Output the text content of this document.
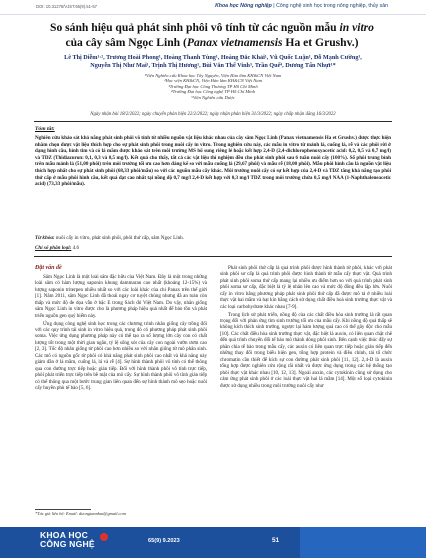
DOI: 10.31276/VJST.65(9).51-57	Khoa học Nông nghiệp | Công nghệ sinh học trong nông nghiệp, thủy sản
So sánh hiệu quả phát sinh phôi vô tính từ các nguồn mẫu in vitro
của cây sâm Ngọc Linh (Panax vietnamensis Ha et Grushv.)
Lê Thị Diễm¹·², Trương Hoài Phong¹, Hoàng Thanh Tùng¹, Hoàng Đắc Khải¹, Vũ Quốc Luận¹, Đỗ Mạnh Cường¹,
Nguyễn Thị Như Mai¹, Trịnh Thị Hương¹, Bùi Văn Thế Vinh³, Trần Quế⁴, Dương Tấn Nhựt¹*
¹Viện Nghiên cứu Khoa học Tây Nguyên, Viện Hàn lâm KH&CN Việt Nam
²Học viện KH&CN, Viện Hàn lâm KH&CN Việt Nam
³Trường Đại học Công Thương TP Hồ Chí Minh
⁴Trường Đại học Công nghệ TP Hồ Chí Minh
⁵Viện Nghiên cứu Dược
Ngày nhận bài 18/2/2022; ngày chuyển phản biện 22/2/2022; ngày nhận phản biện 31/3/2022; ngày chấp nhận đăng 16/3/2022
Tóm tắt:
Nghiên cứu khảo sát khả năng phát sinh phôi vô tính từ nhiều nguồn vật liệu khác nhau của cây sâm Ngọc Linh (Panax vietnamensis Ha et Grushv.) được thực hiện nhằm chọn được vật liệu thích hợp cho sự phát sinh phôi trong nuôi cấy in vitro. Trong nghiên cứu này, các mẫu in vitro từ mảnh lá, cuống lá, rễ và các phôi rời ở dạng hình cầu, hình tim và có lá mầm được khảo sát trên môi trường MS bổ sung riêng lẻ hoặc kết hợp 2,4-D (2,4-dichlorophenoxyacetic acid: 0,2, 0,5 và 0,7 mg/l) và TDZ (Thidiazuron: 0,1, 0,3 và 0,5 mg/l). Kết quả cho thấy, tất cả các vật liệu thí nghiệm đều cho phát sinh phôi sau 6 tuần nuôi cấy (100%). Số phôi trung bình trên mẫu mảnh lá (51,00 phôi) trên môi trường tối ưu cao hơn đáng kể so với mẫu cuống lá (29,67 phôi) và mẫu rễ (18,00 phôi). Mẫu phôi hình cầu là nguồn vật liệu thích hợp nhất cho sự phát sinh phôi (68,33 phôi/mẫu) so với các nguồn mẫu cấy khác. Môi trường nuôi cấy có sự kết hợp của 2,4-D và TDZ tăng khả năng tạo phôi thứ cấp ở mẫu phôi hình cầu, kết quả đạt cao nhất tại nồng độ 0,7 mg/l 2,4-D kết hợp với 0,3 mg/l TDZ trong môi trường chứa 0,5 mg/l NAA (1-Naphthaleneacetic acid) (73,33 phôi/mẫu).
Từ khóa: nuôi cấy in vitro, phát sinh phôi, phôi thứ cấp, sâm Ngọc Linh.
Chỉ số phân loại: 4.6
Đặt vấn đề

Sâm Ngọc Linh là một loài sâm đặc hữu của Việt Nam. Đây là một trong những loài sâm có hàm lượng saponin khung dammaran cao nhất (khoảng 12-15%) và lượng saponin triterpen nhiều nhất so với các loài khác của chi Panax trên thế giới [1]. Năm 2011, sâm Ngọc Linh đã thoái ngay cơ tuyệt chủng nhưng đã an toàn còn thấp và mức độ đe dọa vẫn ở bậc E trong Sách đỏ Việt Nam. Do vậy, nhân giống sâm Ngọc Linh in vitro được cho là phương pháp hiệu quả nhất để bảo tồn và phát triển nguồn gen quý hiếm này.

Ứng dụng công nghệ sinh học trong các chương trình nhân giống cây trồng đối với các quy trình tái sinh in vitro hiệu quả, trong đó có phương pháp phát sinh phôi soma. Việc ứng dụng phương pháp này có thể tạo ra số lượng lớn cây con có chất lượng tốt trong một thời gian ngắn, tỷ lệ sống sót của cây con ngoài vườn ươm cao [2, 3]. Tốc độ nhân giống từ phôi cao hơn nhiều so với nhân giống từ mô phân sinh. Các mô có nguồn gốc từ phôi có khả năng phát sinh phôi cao nhất và khả năng này giảm dần ở lá mầm, cuống lá, lá và rễ [4]. Sự hình thành phôi vô tính có thể thông qua con đường trực tiếp hoặc gián tiếp. Đối với hình thành phôi vô tính trực tiếp, phôi phát triển trực tiếp trên bề mặt của mô cấy. Sự hình thành phôi vô tính gián tiếp có thể thông qua một bước trung gian liên quan đến sự hình thành mô sẹo hoặc nuôi cấy huyền phù tế bào [5, 6].

Phát sinh phôi thứ cấp là quá trình phôi được hình thành từ phôi, khác với phát sinh phôi sơ cấp là quá trình phôi được hình thành từ mẫu cấy thực vật. Quá trình phát sinh phôi soma thứ cấp mang lại nhiều ưu điểm hơn so với quá trình phát sinh phôi soma sơ cấp, đặc biệt là tỷ lệ nhân lên cao và mức độ đồng đều lặp lớn. Nuôi cấy in vitro bằng phương pháp phát sinh phôi thứ cấp đã được mô tả ở nhiều loài thực vật hai mầm và hạt kín bằng cách sử dụng chất điều hoà sinh trưởng thực vật và các loại carbohydrate khác nhau [7-9].

Trong lịch sử phát triển, nồng độ của các chất điều hòa sinh trưởng là rất quan trọng đối với phản ứng tìm sinh trưởng tối ưu của mẫu cấy. Khi nồng độ quá thấp sẽ không kích thích sinh trưởng, ngược lại hàm lượng quá cao có thể gây độc cho mẫu [10]. Các chất điều hòa sinh trưởng thực vật, đặc biệt là auxin, có liên quan chặt chẽ đến quá trình chuyển đổi tế bào mô thành dòng phôi sinh. Bên cạnh việc thúc đẩy sự phân chia tế bào trong mẫu cấy, các auxin có liên quan trực tiếp hoặc gián tiếp đến những thay đổi trong biểu hiện gen, tổng hợp protein và điều chỉnh, tái tổ chức chromatin cần thiết để kích sự con đường phát sinh phôi [11, 12]. 2,4-D là auxin tổng hợp được nghiên cứu rộng rãi nhất và được ứng dụng trong các hệ thống tạo phôi thực vật khác nhau [10, 12, 13]. Ngoài auxin, các cytokinin cũng sử dụng cho cảm ứng phát sinh phôi ở các loài thực vật hai lá mầm [14]. Một số loại cytokinin được sử dụng nhiều trong môi trường nuôi cấy như

*Tác giả liên hệ: Email: duongtannhut@gmail.com
KHOA HỌC
CÔNG NGHỆ	65(9) 9.2023	51
